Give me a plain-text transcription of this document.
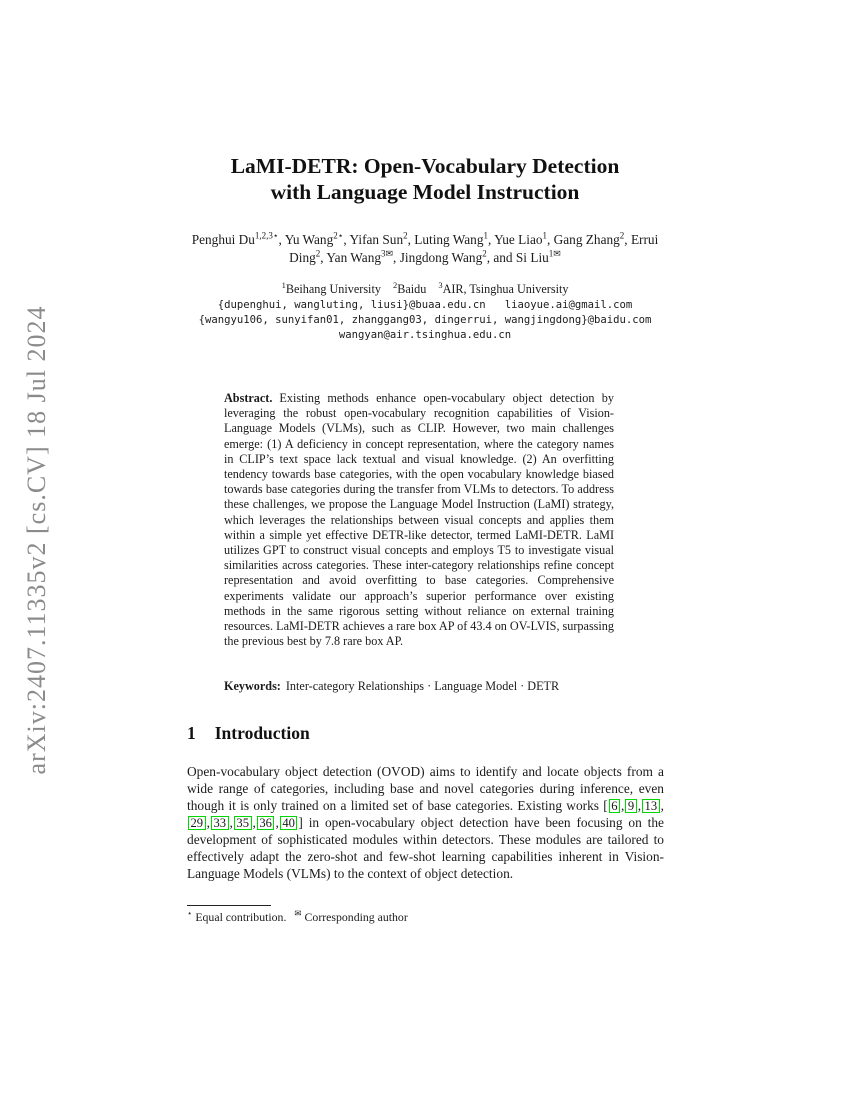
arXiv:2407.11335v2 [cs.CV] 18 Jul 2024
LaMI-DETR: Open-Vocabulary Detection
with Language Model Instruction
Penghui $Du^{1,2,3⋆}$, Yu Wang$^{2⋆}$, Yifan Sun$^2$, Luting Wang$^1$, Yue Liao$^1$, Gang Zhang$^2$, Errui Ding$^2$, Yan Wang$^{3✉}$, Jingdong Wang$^2$, and Si Liu$^{1✉}$
$^1$Beihang University $^2$Baidu $^3$AIR, Tsinghua University
{dupenghui, wangluting, liusi}@buaa.edu.cn   liaoyue.ai@gmail.com
{wangyu106, sunyifan01, zhanggang03, dingerrui, wangjingdong}@baidu.com
wangyan@air.tsinghua.edu.cn
Abstract. Existing methods enhance open-vocabulary object detection by leveraging the robust open-vocabulary recognition capabilities of Vision-Language Models (VLMs), such as CLIP. However, two main challenges emerge: (1) A deficiency in concept representation, where the category names in CLIP’s text space lack textual and visual knowledge. (2) An overfitting tendency towards base categories, with the open vocabulary knowledge biased towards base categories during the transfer from VLMs to detectors. To address these challenges, we propose the Language Model Instruction (LaMI) strategy, which leverages the relationships between visual concepts and applies them within a simple yet effective DETR-like detector, termed LaMI-DETR. LaMI utilizes GPT to construct visual concepts and employs T5 to investigate visual similarities across categories. These inter-category relationships refine concept representation and avoid overfitting to base categories. Comprehensive experiments validate our approach’s superior performance over existing methods in the same rigorous setting without reliance on external training resources. LaMI-DETR achieves a rare box AP of 43.4 on OV-LVIS, surpassing the previous best by 7.8 rare box AP.
Keywords: Inter-category Relationships · Language Model · DETR
1 Introduction
Open-vocabulary object detection (OVOD) aims to identify and locate objects from a wide range of categories, including base and novel categories during inference, even though it is only trained on a limited set of base categories. Existing works [ 6 , 9 , 13 ,29 , 33 , 35 , 36 , 40 ] in open-vocabulary object detection have been focusing on the development of sophisticated modules within detectors. These modules are tailored to effectively adapt the zero-shot and few-shot learning capabilities inherent in Vision-Language Models (VLMs) to the context of object detection.
⋆ Equal contribution. ✉ Corresponding author
